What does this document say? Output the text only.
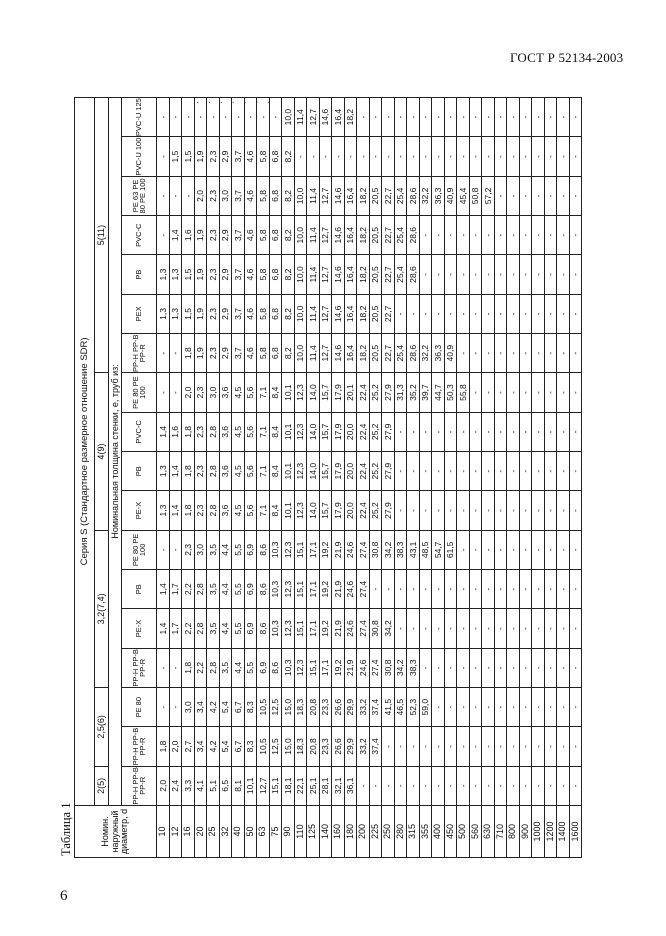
ГОСТ Р 52134-2003
· · · · · · ·
6
Таблица 1	Номин. наружный диаметр, d	Серия S (Стандартное размерное отношение SDR)																	
	2(5)	2,5(6)		3,2(7,4)				4(9)				5(11)						
	Номинальная толщина стенки, e, труб из:																	
	PP-H PP-B PP-R	PP-H PP-B PP-R	PE 80	PP-H PP-B PP-R	PE-X	PB	PE 80 PE 100	PE-X	PB	PVC-C	PE 80 PE 100	PP-H PP-B PP-R	PEX	PB	PVC-C	PE 63 PE 80 PE 100	PVC-U 100	PVC-U 125
10	2,0	1,8	-	-	1,4	1,4	-	1,3	1,3	1,4	-	-	1,3	1,3	-	-	-	-
12	2,4	2,0	-	-	1,7	1,7	-	1,4	1,4	1,6	-	-	1,3	1,3	1,4	-	1,5	-
16	3,3	2,7	3,0	1,8	2,2	2,2	2,3	1,8	1,8	1,8	2,0	1,8	1,5	1,5	1,6	-	1,5	-
20	4,1	3,4	3,4	2,2	2,8	2,8	3,0	2,3	2,3	2,3	2,3	1,9	1,9	1,9	1,9	2,0	1,9	-
25	5,1	4,2	4,2	2,8	3,5	3,5	3,5	2,8	2,8	2,8	3,0	2,3	2,3	2,3	2,3	2,3	2,3	-
32	6,5	5,4	5,4	3,5	4,4	4,4	4,4	3,6	3,6	3,6	3,6	2,9	2,9	2,9	2,9	3,0	2,9	-
40	8,1	6,7	6,7	4,4	5,5	5,5	5,5	4,5	4,5	4,5	4,5	3,7	3,7	3,7	3,7	3,7	3,7	-
50	10,1	8,3	8,3	5,5	6,9	6,9	6,9	5,6	5,6	5,6	5,6	4,6	4,6	4,6	4,6	4,6	4,6	-
63	12,7	10,5	10,5	6,9	8,6	8,6	8,6	7,1	7,1	7,1	7,1	5,8	5,8	5,8	5,8	5,8	5,8	-
75	15,1	12,5	12,5	8,6	10,3	10,3	10,3	8,4	8,4	8,4	8,4	6,8	6,8	6,8	6,8	6,8	6,8	-
90	18,1	15,0	15,0	10,3	12,3	12,3	12,3	10,1	10,1	10,1	10,1	8,2	8,2	8,2	8,2	8,2	8,2	10,0
110	22,1	18,3	18,3	12,3	15,1	15,1	15,1	12,3	12,3	12,3	12,3	10,0	10,0	10,0	10,0	10,0	-	11,4
125	25,1	20,8	20,8	15,1	17,1	17,1	17,1	14,0	14,0	14,0	14,0	11,4	11,4	11,4	11,4	11,4	-	12,7
140	28,1	23,3	23,3	17,1	19,2	19,2	19,2	15,7	15,7	15,7	15,7	12,7	12,7	12,7	12,7	12,7	-	14,6
160	32,1	26,6	26,6	19,2	21,9	21,9	21,9	17,9	17,9	17,9	17,9	14,6	14,6	14,6	14,6	14,6	-	16,4
180	36,1	29,9	29,9	21,9	24,6	24,6	24,6	20,0	20,0	20,0	20,1	16,4	16,4	16,4	16,4	16,4	-	18,2
200	-	33,2	33,2	24,6	27,4	27,4	27,4	22,4	22,4	22,4	22,4	18,2	18,2	18,2	18,2	18,2	-	-
225	-	37,4	37,4	27,4	30,8	-	30,8	25,2	25,2	25,2	25,2	20,5	20,5	20,5	20,5	20,5	-	-
250	-	-	41,5	30,8	34,2	-	34,2	27,9	27,9	27,9	27,9	22,7	22,7	22,7	22,7	22,7	-	-
280	-	-	46,5	34,2	-	-	38,3	-	-	-	31,3	25,4	-	25,4	25,4	25,4	-	-
315	-	-	52,3	38,3	-	-	43,1	-	-	-	35,2	28,6	-	28,6	28,6	28,6	-	-
355	-	-	59,0	-	-	-	48,5	-	-	-	39,7	32,2	-	-	-	32,2	-	-
400	-	-	-	-	-	-	54,7	-	-	-	44,7	36,3	-	-	-	36,3	-	-
450	-	-	-	-	-	-	61,5	-	-	-	50,3	40,9	-	-	-	40,9	-	-
500	-	-	-	-	-	-	-	-	-	-	55,8	-	-	-	-	45,4	-	-
560	-	-	-	-	-	-	-	-	-	-	-	-	-	-	-	50,8	-	-
630	-	-	-	-	-	-	-	-	-	-	-	-	-	-	-	57,2	-	-
710	-	-	-	-	-	-	-	-	-	-	-	-	-	-	-	-	-	-
800	-	-	-	-	-	-	-	-	-	-	-	-	-	-	-	-	-	-
900	-	-	-	-	-	-	-	-	-	-	-	-	-	-	-	-	-	-
1000	-	-	-	-	-	-	-	-	-	-	-	-	-	-	-	-	-	-
1200	-	-	-	-	-	-	-	-	-	-	-	-	-	-	-	-	-	-
1400	-	-	-	-	-	-	-	-	-	-	-	-	-	-	-	-	-	-
1600	-	-	-	-	-	-	-	-	-	-	-	-	-	-	-	-	-	-
